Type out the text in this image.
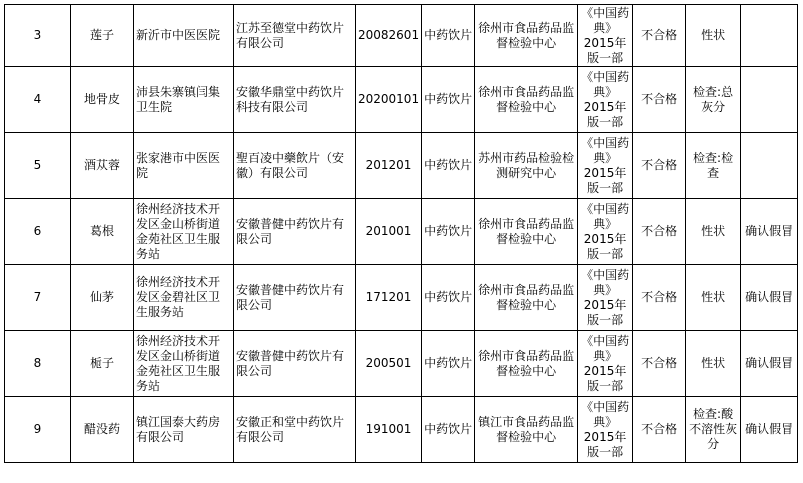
3	莲子	新沂市中医医院	江苏至德堂中药饮片有限公司	20082601	中药饮片	徐州市食品药品监督检验中心	《中国药典》2015年版一部	不合格	性状	
4	地骨皮	沛县朱寨镇闫集卫生院	安徽华鼎堂中药饮片科技有限公司	20200101	中药饮片	徐州市食品药品监督检验中心	《中国药典》2015年版一部	不合格	检查:总灰分	
5	酒苁蓉	张家港市中医医院	聖百凌中藥飲片（安徽）有限公司	201201	中药饮片	苏州市药品检验检测研究中心	《中国药典》2015年版一部	不合格	检查:检查	
6	葛根	徐州经济技术开发区金山桥街道金苑社区卫生服务站	安徽普健中药饮片有限公司	201001	中药饮片	徐州市食品药品监督检验中心	《中国药典》2015年版一部	不合格	性状	确认假冒
7	仙茅	徐州经济技术开发区金碧社区卫生服务站	安徽普健中药饮片有限公司	171201	中药饮片	徐州市食品药品监督检验中心	《中国药典》2015年版一部	不合格	性状	确认假冒
8	栀子	徐州经济技术开发区金山桥街道金苑社区卫生服务站	安徽普健中药饮片有限公司	200501	中药饮片	徐州市食品药品监督检验中心	《中国药典》2015年版一部	不合格	性状	确认假冒
9	醋没药	镇江国泰大药房有限公司	安徽正和堂中药饮片有限公司	191001	中药饮片	镇江市食品药品监督检验中心	《中国药典》2015年版一部	不合格	检查:酸不溶性灰分	确认假冒
